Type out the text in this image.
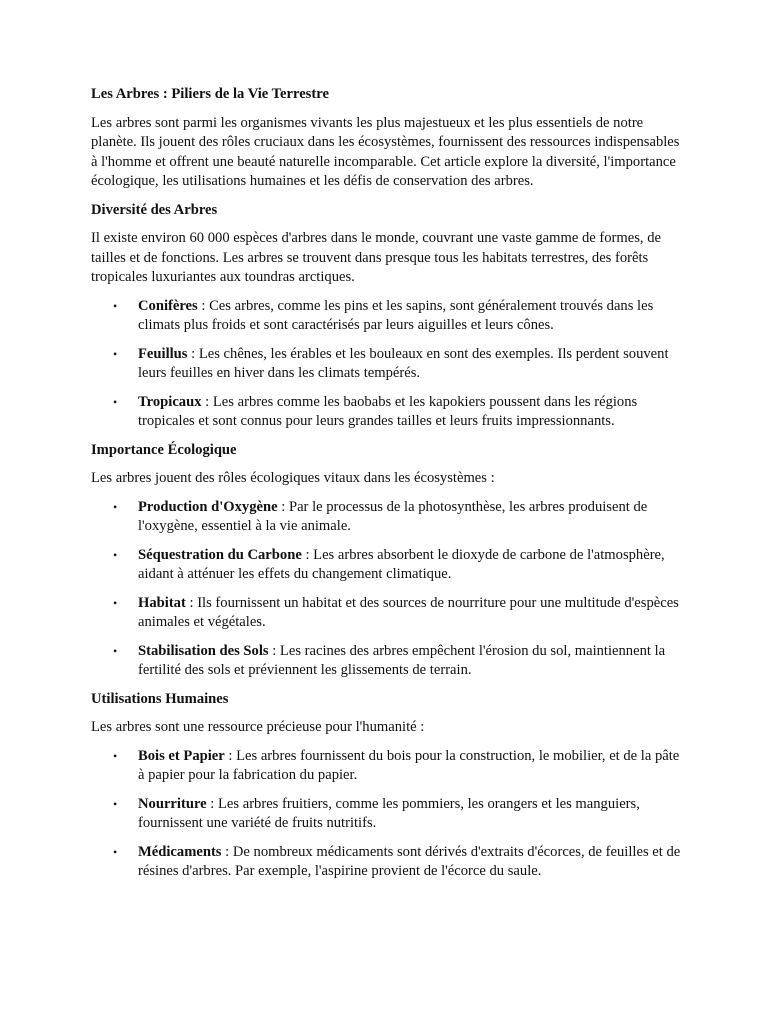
Les Arbres : Piliers de la Vie Terrestre

Les arbres sont parmi les organismes vivants les plus majestueux et les plus essentiels de notre planète. Ils jouent des rôles cruciaux dans les écosystèmes, fournissent des ressources indispensables à l'homme et offrent une beauté naturelle incomparable. Cet article explore la diversité, l'importance écologique, les utilisations humaines et les défis de conservation des arbres.

Diversité des Arbres

Il existe environ 60 000 espèces d'arbres dans le monde, couvrant une vaste gamme de formes, de tailles et de fonctions. Les arbres se trouvent dans presque tous les habitats terrestres, des forêts tropicales luxuriantes aux toundras arctiques.

• Conifères : Ces arbres, comme les pins et les sapins, sont généralement trouvés dans les climats plus froids et sont caractérisés par leurs aiguilles et leurs cônes.
• Feuillus : Les chênes, les érables et les bouleaux en sont des exemples. Ils perdent souvent leurs feuilles en hiver dans les climats tempérés.
• Tropicaux : Les arbres comme les baobabs et les kapokiers poussent dans les régions tropicales et sont connus pour leurs grandes tailles et leurs fruits impressionnants.
Importance Écologique

Les arbres jouent des rôles écologiques vitaux dans les écosystèmes :

• Production d'Oxygène : Par le processus de la photosynthèse, les arbres produisent de l'oxygène, essentiel à la vie animale.
• Séquestration du Carbone : Les arbres absorbent le dioxyde de carbone de l'atmosphère, aidant à atténuer les effets du changement climatique.
• Habitat : Ils fournissent un habitat et des sources de nourriture pour une multitude d'espèces animales et végétales.
• Stabilisation des Sols : Les racines des arbres empêchent l'érosion du sol, maintiennent la fertilité des sols et préviennent les glissements de terrain.
Utilisations Humaines

Les arbres sont une ressource précieuse pour l'humanité :

• Bois et Papier : Les arbres fournissent du bois pour la construction, le mobilier, et de la pâte à papier pour la fabrication du papier.
• Nourriture : Les arbres fruitiers, comme les pommiers, les orangers et les manguiers, fournissent une variété de fruits nutritifs.
• Médicaments : De nombreux médicaments sont dérivés d'extraits d'écorces, de feuilles et de résines d'arbres. Par exemple, l'aspirine provient de l'écorce du saule.
